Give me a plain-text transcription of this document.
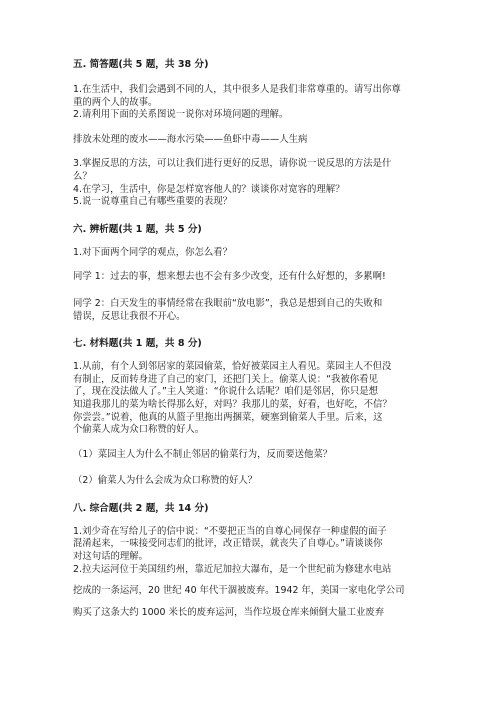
五. 简答题(共 5 题，共 38 分)
1.在生活中，我们会遇到不同的人，其中很多人是我们非常尊重的。请写出你尊
重的两个人的故事。
2.请利用下面的关系图说一说你对环境问题的理解。
排放未处理的废水——海水污染——鱼虾中毒——人生病
3.掌握反思的方法，可以让我们进行更好的反思，请你说一说反思的方法是什
么？
4.在学习，生活中，你是怎样宽容他人的？谈谈你对宽容的理解？
5.说一说尊重自己有哪些重要的表现？
六. 辨析题(共 1 题，共 5 分)
1.对下面两个同学的观点，你怎么看？
同学 1：过去的事，想来想去也不会有多少改变，还有什么好想的，多累啊!
同学 2：白天发生的事情经常在我眼前“放电影”，我总是想到自己的失败和
错误，反思让我很不开心。
七. 材料题(共 1 题，共 8 分)
1.从前，有个人到邻居家的菜园偷菜，恰好被菜园主人看见。菜园主人不但没
有制止，反而转身进了自己的家门，还把门关上。偷菜人说：“我被你看见
了，现在没法做人了。”主人笑道：“你说什么话呢？咱们是邻居，你只是想
知道我那儿的菜为啥长得那么好，对吗？我那儿的菜，好看，也好吃，不信？
你尝尝。”说着，他真的从篮子里拖出两捆菜，硬塞到偷菜人手里。后来，这
个偷菜人成为众口称赞的好人。
（1）菜园主人为什么不制止邻居的偷菜行为，反而要送他菜？
（2）偷菜人为什么会成为众口称赞的好人？
八. 综合题(共 2 题，共 14 分)
1.刘少奇在写给儿子的信中说：“不要把正当的自尊心同保存一种虚假的面子
混淆起来，一味接受同志们的批评，改正错误，就丧失了自尊心。”请谈谈你
对这句话的理解。
2.拉夫运河位于美国纽约州，靠近尼加拉大瀑布，是一个世纪前为修建水电站
挖成的一条运河，20 世纪 40 年代干涸被废弃。1942 年，美国一家电化学公司
购买了这条大约 1000 米长的废弃运河，当作垃圾仓库来倾倒大量工业废弃
